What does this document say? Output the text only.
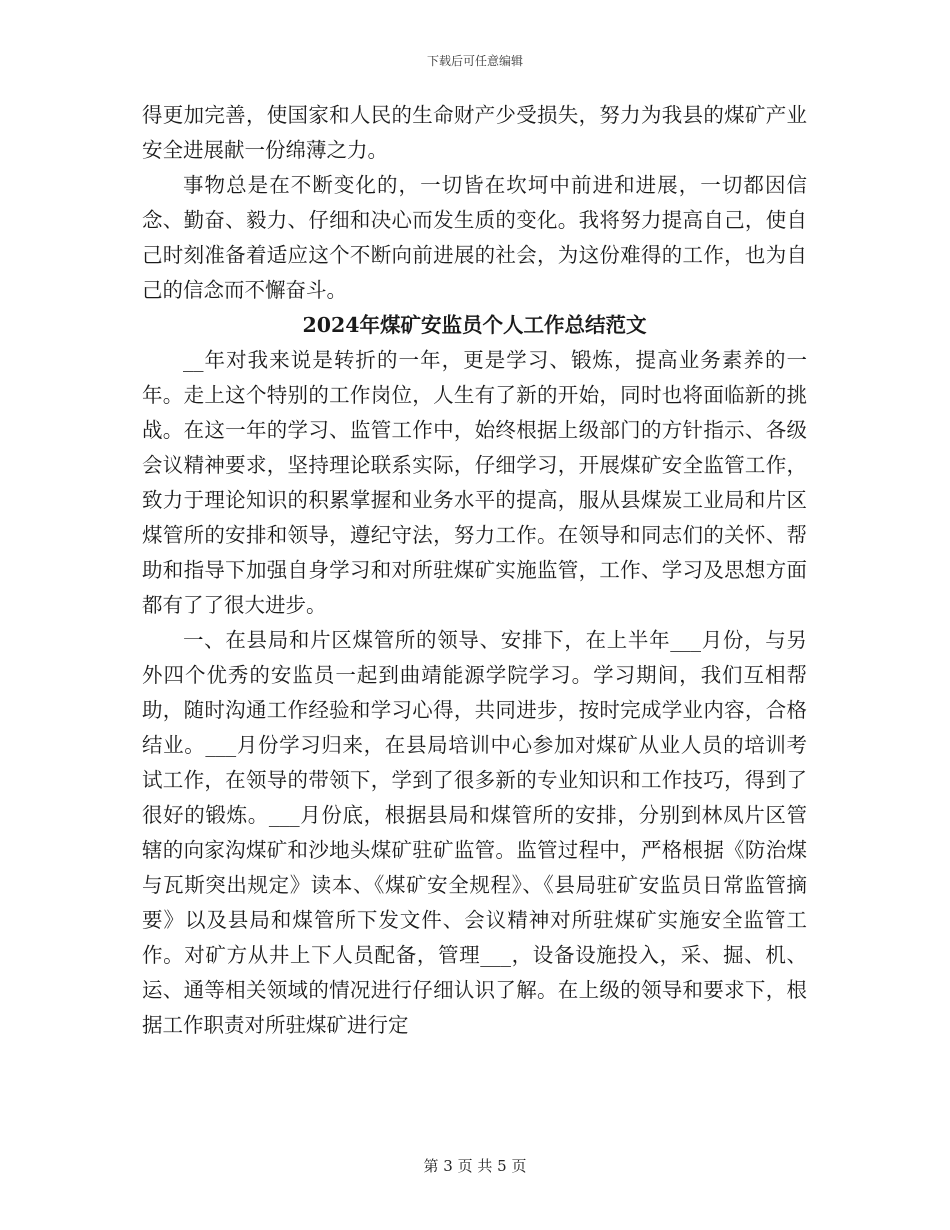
下载后可任意编辑

得更加完善，使国家和人民的生命财产少受损失，努力为我县的煤矿产业安全进展献一份绵薄之力。

事物总是在不断变化的，一切皆在坎坷中前进和进展，一切都因信念、勤奋、毅力、仔细和决心而发生质的变化。我将努力提高自己，使自己时刻准备着适应这个不断向前进展的社会，为这份难得的工作，也为自己的信念而不懈奋斗。

2024年煤矿安监员个人工作总结范文

__年对我来说是转折的一年，更是学习、锻炼，提高业务素养的一年。走上这个特别的工作岗位，人生有了新的开始，同时也将面临新的挑战。在这一年的学习、监管工作中，始终根据上级部门的方针指示、各级会议精神要求，坚持理论联系实际，仔细学习，开展煤矿安全监管工作，致力于理论知识的积累掌握和业务水平的提高，服从县煤炭工业局和片区煤管所的安排和领导，遵纪守法，努力工作。在领导和同志们的关怀、帮助和指导下加强自身学习和对所驻煤矿实施监管，工作、学习及思想方面都有了了很大进步。

一、在县局和片区煤管所的领导、安排下，在上半年___月份，与另外四个优秀的安监员一起到曲靖能源学院学习。学习期间，我们互相帮助，随时沟通工作经验和学习心得，共同进步，按时完成学业内容，合格结业。___月份学习归来，在县局培训中心参加对煤矿从业人员的培训考试工作，在领导的带领下，学到了很多新的专业知识和工作技巧，得到了很好的锻炼。___月份底，根据县局和煤管所的安排，分别到林凤片区管辖的向家沟煤矿和沙地头煤矿驻矿监管。监管过程中，严格根据《防治煤与瓦斯突出规定》读本、《煤矿安全规程》、《县局驻矿安监员日常监管摘要》以及县局和煤管所下发文件、会议精神对所驻煤矿实施安全监管工作。对矿方从井上下人员配备，管理___，设备设施投入，采、掘、机、运、通等相关领域的情况进行仔细认识了解。在上级的领导和要求下，根据工作职责对所驻煤矿进行定

第 3 页 共 5 页
